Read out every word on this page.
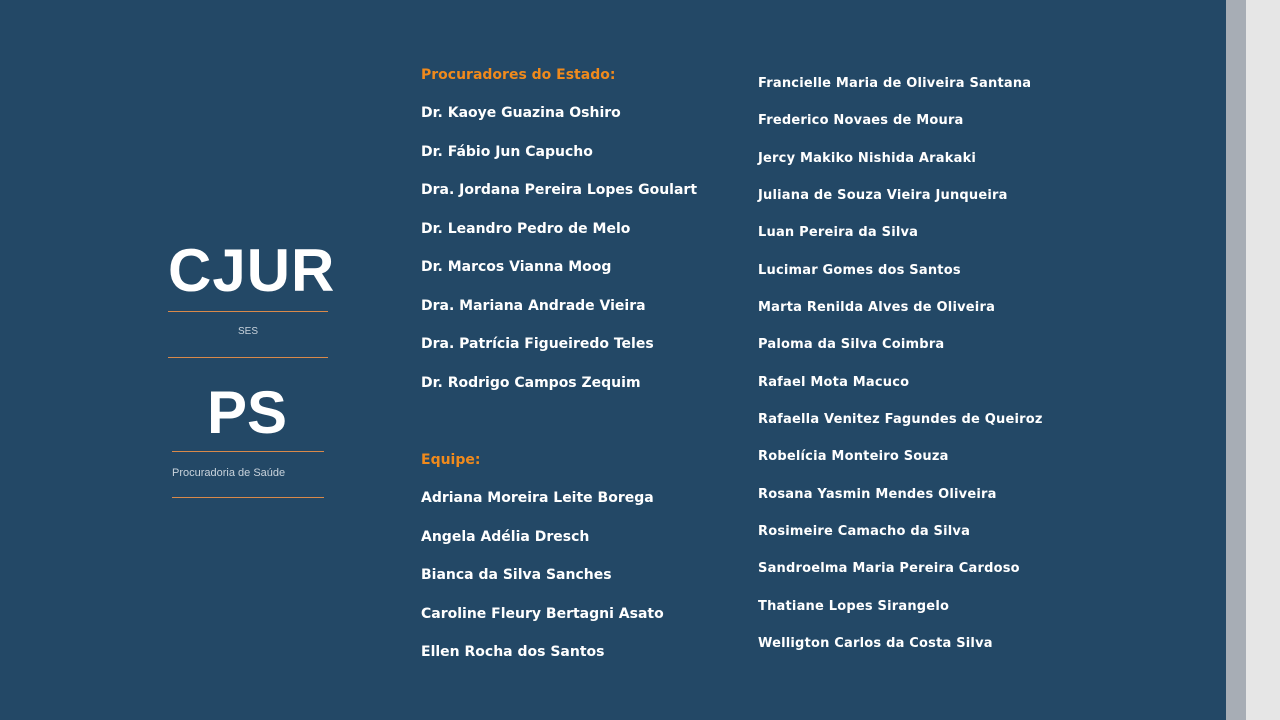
CJUR
SES
PS
Procuradoria de Saúde
Procuradores do Estado:
Dr. Kaoye Guazina Oshiro
Dr. Fábio Jun Capucho
Dra. Jordana Pereira Lopes Goulart
Dr. Leandro Pedro de Melo
Dr. Marcos Vianna Moog
Dra. Mariana Andrade Vieira
Dra. Patrícia Figueiredo Teles
Dr. Rodrigo Campos Zequim
Equipe:
Adriana Moreira Leite Borega
Angela Adélia Dresch
Bianca da Silva Sanches
Caroline Fleury Bertagni Asato
Ellen Rocha dos Santos
Francielle Maria de Oliveira Santana
Frederico Novaes de Moura
Jercy Makiko Nishida Arakaki
Juliana de Souza Vieira Junqueira
Luan Pereira da Silva
Lucimar Gomes dos Santos
Marta Renilda Alves de Oliveira
Paloma da Silva Coimbra
Rafael Mota Macuco
Rafaella Venitez Fagundes de Queiroz
Robelícia Monteiro Souza
Rosana Yasmin Mendes Oliveira
Rosimeire Camacho da Silva
Sandroelma Maria Pereira Cardoso
Thatiane Lopes Sirangelo
Welligton Carlos da Costa Silva
